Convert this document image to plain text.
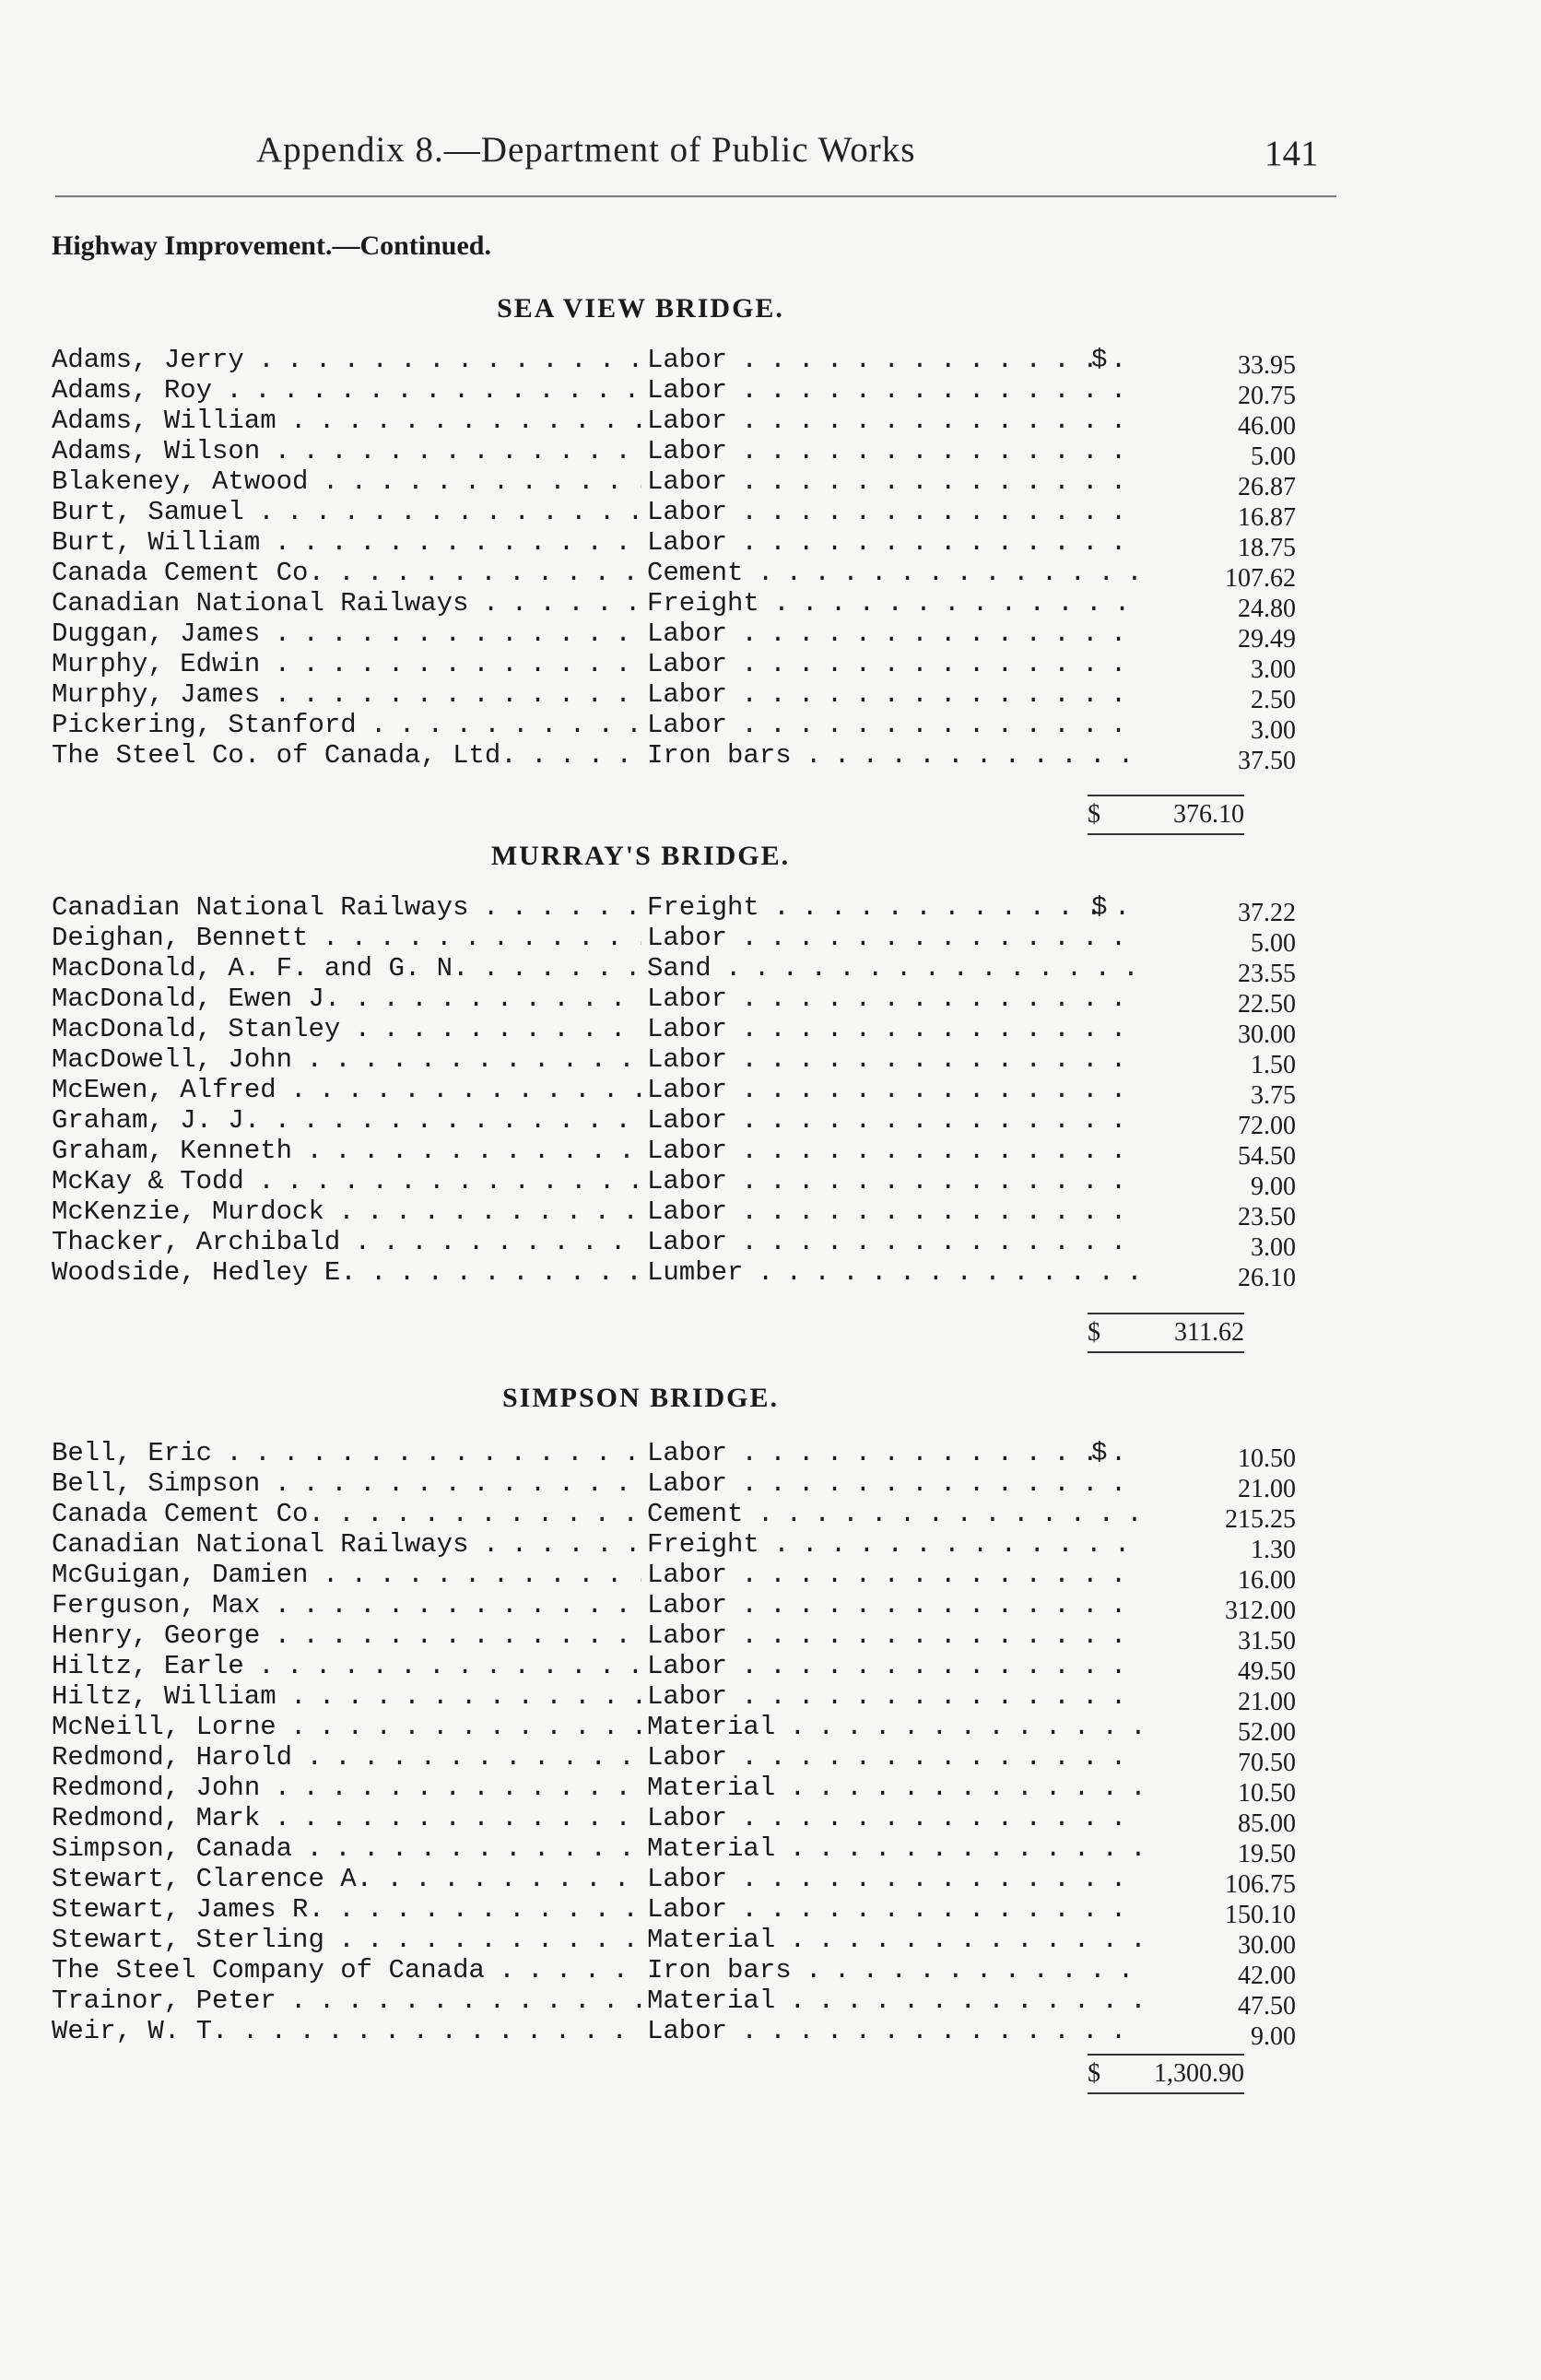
Appendix 8.—Department of Public Works	141
Highway Improvement.—Continued.
SEA VIEW BRIDGE.
Adams, Jerry . . .	Labor . . .	$	33.95
Adams, Roy . . .	Labor . . .	20.75
Adams, William . . .	Labor . . .	46.00
Adams, Wilson . . .	Labor . . .	5.00
Blakeney, Atwood . . .	Labor . . .	26.87
Burt, Samuel . . .	Labor . . .	16.87
Burt, William . . .	Labor . . .	18.75
Canada Cement Co. . . .	Cement . . .	107.62
Canadian National Railways . . .	Freight . . .	24.80
Duggan, James . . .	Labor . . .	29.49
Murphy, Edwin . . .	Labor . . .	3.00
Murphy, James . . .	Labor . . .	2.50
Pickering, Stanford . . .	Labor . . .	3.00
The Steel Co. of Canada, Ltd. . . .	Iron bars . . .	37.50
$	376.10
MURRAY'S BRIDGE.
Canadian National Railways . . .	Freight . . .	$	37.22
Deighan, Bennett . . .	Labor . . .	5.00
MacDonald, A. F. and G. N. . . .	Sand . . .	23.55
MacDonald, Ewen J. . . .	Labor . . .	22.50
MacDonald, Stanley . . .	Labor . . .	30.00
MacDowell, John . . .	Labor . . .	1.50
McEwen, Alfred . . .	Labor . . .	3.75
Graham, J. J. . . .	Labor . . .	72.00
Graham, Kenneth . . .	Labor . . .	54.50
McKay & Todd . . .	Labor . . .	9.00
McKenzie, Murdock . . .	Labor . . .	23.50
Thacker, Archibald . . .	Labor . . .	3.00
Woodside, Hedley E. . . .	Lumber . . .	26.10
$	311.62
SIMPSON BRIDGE.
Bell, Eric . . .	Labor . . .	$	10.50
Bell, Simpson . . .	Labor . . .	21.00
Canada Cement Co. . . .	Cement . . .	215.25
Canadian National Railways . . .	Freight . . .	1.30
McGuigan, Damien . . .	Labor . . .	16.00
Ferguson, Max . . .	Labor . . .	312.00
Henry, George . . .	Labor . . .	31.50
Hiltz, Earle . . .	Labor . . .	49.50
Hiltz, William . . .	Labor . . .	21.00
McNeill, Lorne . . .	Material . . .	52.00
Redmond, Harold . . .	Labor . . .	70.50
Redmond, John . . .	Material . . .	10.50
Redmond, Mark . . .	Labor . . .	85.00
Simpson, Canada . . .	Material . . .	19.50
Stewart, Clarence A. . . .	Labor . . .	106.75
Stewart, James R. . . .	Labor . . .	150.10
Stewart, Sterling . . .	Material . . .	30.00
The Steel Company of Canada . . .	Iron bars . . .	42.00
Trainor, Peter . . .	Material . . .	47.50
Weir, W. T. . . .	Labor . . .	9.00
$ 1,300.90
